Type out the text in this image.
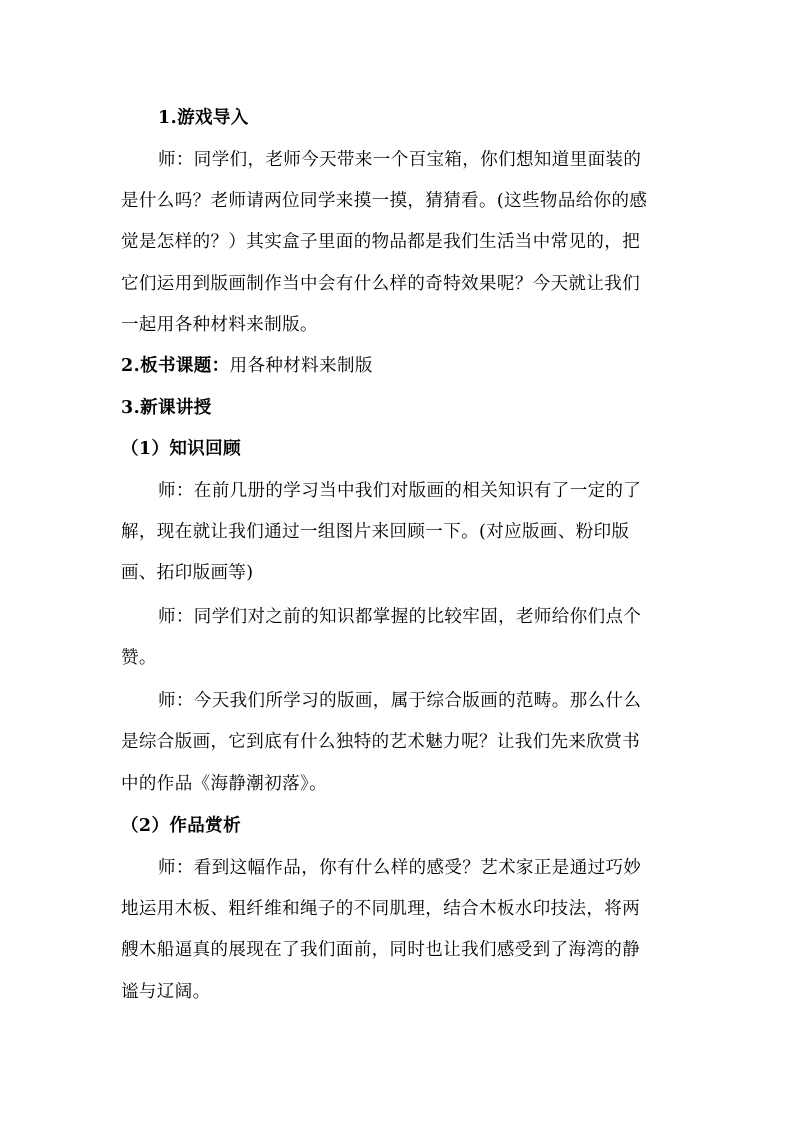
1.游戏导入
师：同学们，老师今天带来一个百宝箱，你们想知道里面装的
是什么吗？老师请两位同学来摸一摸，猜猜看。(这些物品给你的感
觉是怎样的？）其实盒子里面的物品都是我们生活当中常见的，把
它们运用到版画制作当中会有什么样的奇特效果呢？今天就让我们
一起用各种材料来制版。
2.板书课题：用各种材料来制版
3.新课讲授
（1）知识回顾
师：在前几册的学习当中我们对版画的相关知识有了一定的了
解，现在就让我们通过一组图片来回顾一下。(对应版画、粉印版
画、拓印版画等)
师：同学们对之前的知识都掌握的比较牢固，老师给你们点个
赞。
师：今天我们所学习的版画，属于综合版画的范畴。那么什么
是综合版画，它到底有什么独特的艺术魅力呢？让我们先来欣赏书
中的作品《海静潮初落》。
（2）作品赏析
师：看到这幅作品，你有什么样的感受？艺术家正是通过巧妙
地运用木板、粗纤维和绳子的不同肌理，结合木板水印技法，将两
艘木船逼真的展现在了我们面前，同时也让我们感受到了海湾的静
谧与辽阔。
